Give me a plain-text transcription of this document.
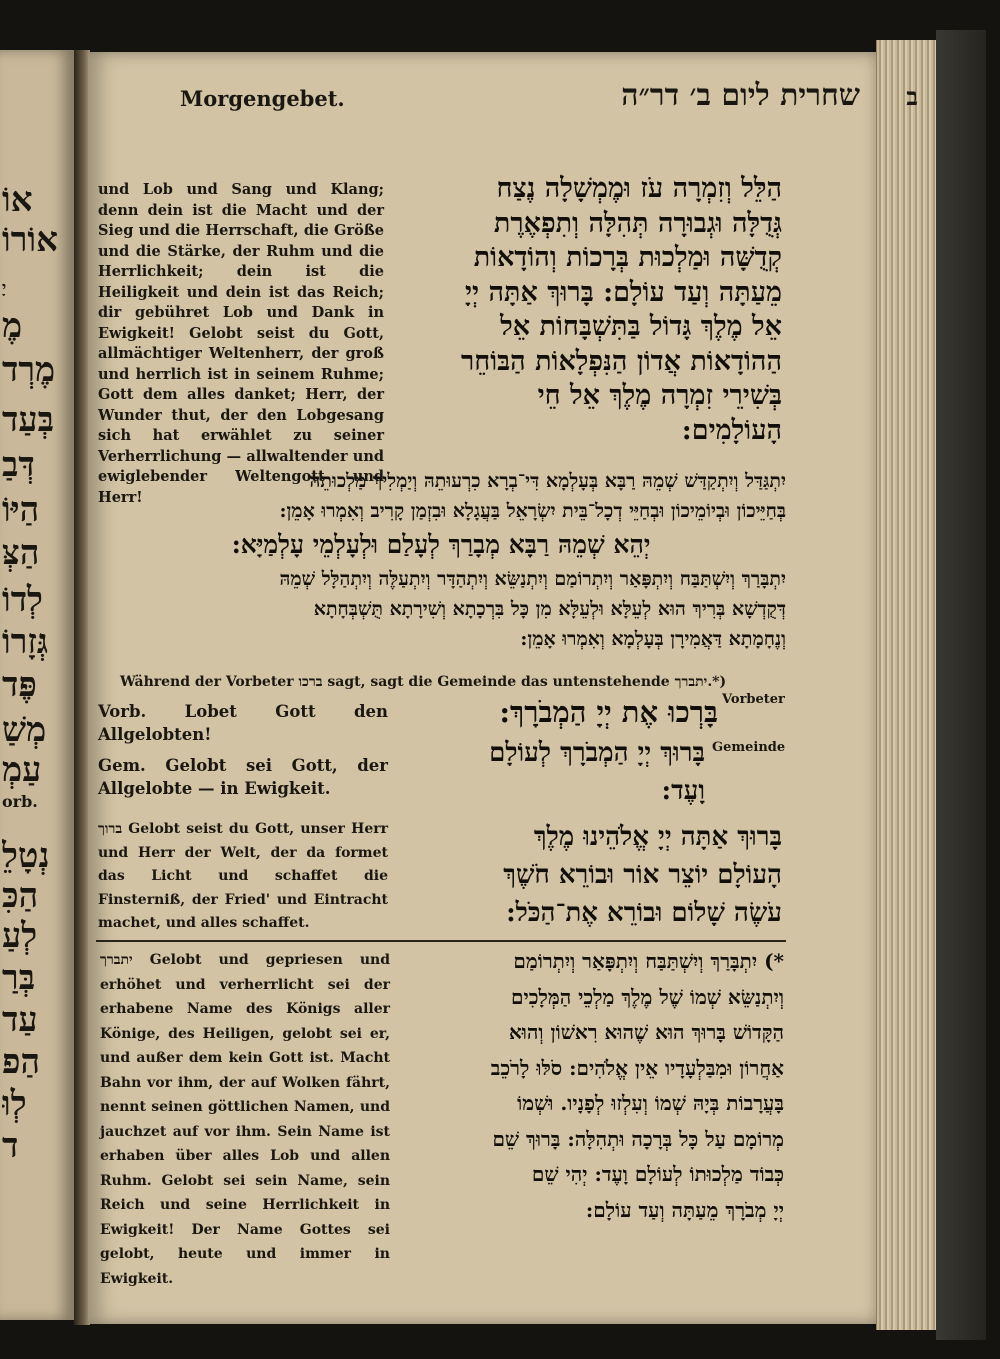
אוֹ
אוֹרוֹ
מֶ
מֶרְד
בְּעַד
דְּבַ
הַיּוֹ
הַצְּ
לְדוֹ
גְּזָרוֹ
פֶּד
מְשַׁ
עַמְ
נְטָלֵ
הַכִּ
לְעַ
בְּרַ
עַד
הַפ
לְוּ
ד
יָ
orb.
Morgengebet.	שחרית ליום ב׳ דר״ה ב

und Lob und Sang und Klang; denn dein ist die Macht und der Sieg und die Herrschaft, die Größe und die Stärke, der Ruhm und die Herrlichkeit; dein ist die Heiligkeit und dein ist das Reich; dir gebühret Lob und Dank in Ewigkeit! Gelobt seist du Gott, allmächtiger Weltenherr, der groß und herrlich ist in seinem Ruhme; Gott dem alles danket; Herr, der Wunder thut, der den Lobgesang sich hat erwählet zu seiner Verherrlichung — allwaltender und ewiglebender Weltengott und Herr!

הַלֵּל וְזִמְרָה עֹז וּמֶמְשָׁלָה נֶצַח
גְּדֻלָּה וּגְבוּרָה תְּהִלָּה וְתִפְאֶרֶת
קְדֻשָּׁה וּמַלְכוּת בְּרָכוֹת וְהוֹדָאוֹת
מֵעַתָּה וְעַד עוֹלָם: בָּרוּךְ אַתָּה יְיָ
אֵל מֶלֶךְ גָּדוֹל בַּתִּשְׁבָּחוֹת אֵל
הַהוֹדָאוֹת אֲדוֹן הַנִּפְלָאוֹת הַבּוֹחֵר
בְּשִׁירֵי זִמְרָה מֶלֶךְ אֵל חֵי
הָעוֹלָמִים:
יִתְגַּדַּל וְיִתְקַדַּשׁ שְׁמֵהּ רַבָּא בְּעָלְמָא דִּי־בְרָא כִרְעוּתֵהּ וְיַמְלִיךְ מַלְכוּתֵהּ
בְּחַיֵּיכוֹן וּבְיוֹמֵיכוֹן וּבְחַיֵּי דְכָל־בֵּית יִשְׂרָאֵל בַּעֲגָלָא וּבִזְמַן קָרִיב וְאִמְרוּ אָמֵן:
יְהֵא שְׁמֵהּ רַבָּא מְבָרַךְ לְעָלַם וּלְעָלְמֵי עָלְמַיָּא:
יִתְבָּרַךְ וְיִשְׁתַּבַּח וְיִתְפָּאַר וְיִתְרוֹמַם וְיִתְנַשֵּׂא וְיִתְהַדָּר וְיִתְעַלֶּה וְיִתְהַלָּל שְׁמֵהּ
דְּקֻדְשָׁא בְּרִיךְ הוּא לְעֵלָּא וּלְעֵלָּא מִן כָּל בִּרְכָתָא וְשִׁירָתָא תֻּשְׁבְּחָתָא
וְנֶחָמָתָא דַּאֲמִירָן בְּעָלְמָא וְאִמְרוּ אָמֵן:
Während der Vorbeter ברכו sagt, sagt die Gemeinde das untenstehende יתברך.*)

Vorb. Lobet Gott den Allgelobten!

Gem. Gelobt sei Gott, der Allgelobte — in Ewigkeit.

Vorbeter
בָּרְכוּ אֶת יְיָ הַמְבֹרָךְ:
Gemeinde
בָּרוּךְ יְיָ הַמְבֹרָךְ לְעוֹלָם
וָעֶד:

ברוך Gelobt seist du Gott, unser Herr und Herr der Welt, der da formet das Licht und schaffet die Finsterniß, der Fried' und Eintracht machet, und alles schaffet.

בָּרוּךְ אַתָּה יְיָ אֱלֹהֵינוּ מֶלֶךְ
הָעוֹלָם יוֹצֵר אוֹר וּבוֹרֵא חֹשֶׁךְ
עֹשֶׂה שָׁלוֹם וּבוֹרֵא אֶת־הַכֹּל:

יתברך Gelobt und gepriesen und erhöhet und verherrlicht sei der erhabene Name des Königs aller Könige, des Heiligen, gelobt sei er, und außer dem kein Gott ist. Macht Bahn vor ihm, der auf Wolken fährt, nennt seinen göttlichen Namen, und jauchzet auf vor ihm. Sein Name ist erhaben über alles Lob und allen Ruhm. Gelobt sei sein Name, sein Reich und seine Herrlichkeit in Ewigkeit! Der Name Gottes sei gelobt, heute und immer in Ewigkeit.

*) יִתְבָּרַךְ וְיִשְׁתַּבַּח וְיִתְפָּאַר וְיִתְרוֹמַם
וְיִתְנַשֵּׂא שְׁמוֹ שֶׁל מֶלֶךְ מַלְכֵי הַמְּלָכִים
הַקָּדוֹשׁ בָּרוּךְ הוּא שֶׁהוּא רִאשׁוֹן וְהוּא
אַחֲרוֹן וּמִבַּלְעָדָיו אֵין אֱלֹהִים: סֹלּוּ לָרֹכֵב
בָּעֲרָבוֹת בְּיָהּ שְׁמוֹ וְעִלְזוּ לְפָנָיו. וּשְׁמוֹ
מְרוֹמָם עַל כָּל בְּרָכָה וּתְהִלָּה: בָּרוּךְ שֵׁם
כְּבוֹד מַלְכוּתוֹ לְעוֹלָם וָעֶד: יְהִי שֵׁם
יְיָ מְבֹרָךְ מֵעַתָּה וְעַד עוֹלָם:
